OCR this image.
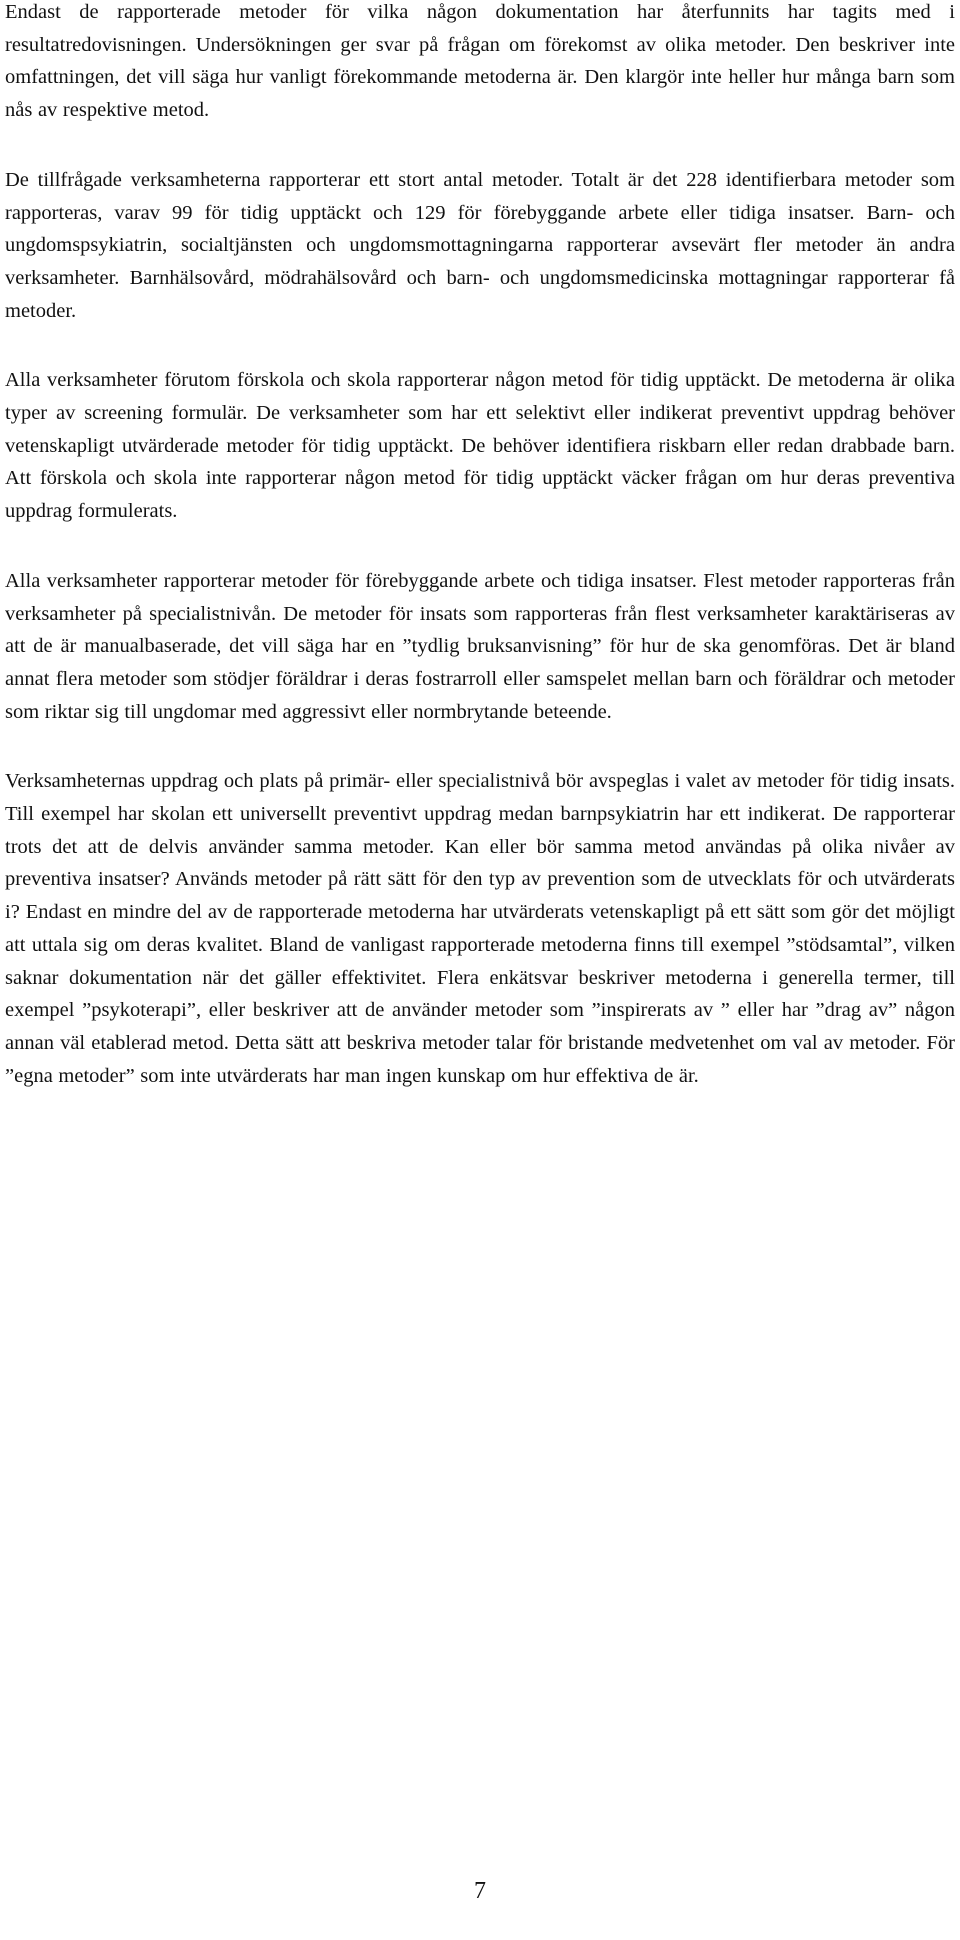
Endast de rapporterade metoder för vilka någon dokumentation har återfunnits har tagits med i resultatredovisningen. Undersökningen ger svar på frågan om förekomst av olika metoder. Den beskriver inte omfattningen, det vill säga hur vanligt förekommande metoderna är. Den klargör inte heller hur många barn som nås av respektive metod.

De tillfrågade verksamheterna rapporterar ett stort antal metoder. Totalt är det 228 identifierbara metoder som rapporteras, varav 99 för tidig upptäckt och 129 för förebyggande arbete eller tidiga insatser. Barn- och ungdomspsykiatrin, socialtjänsten och ungdomsmottagningarna rapporterar avsevärt fler metoder än andra verksamheter. Barnhälsovård, mödrahälsovård och barn- och ungdomsmedicinska mottagningar rapporterar få metoder.

Alla verksamheter förutom förskola och skola rapporterar någon metod för tidig upptäckt. De metoderna är olika typer av screening formulär. De verksamheter som har ett selektivt eller indikerat preventivt uppdrag behöver vetenskapligt utvärderade metoder för tidig upptäckt. De behöver identifiera riskbarn eller redan drabbade barn. Att förskola och skola inte rapporterar någon metod för tidig upptäckt väcker frågan om hur deras preventiva uppdrag formulerats.

Alla verksamheter rapporterar metoder för förebyggande arbete och tidiga insatser. Flest metoder rapporteras från verksamheter på specialistnivån. De metoder för insats som rapporteras från flest verksamheter karaktäriseras av att de är manualbaserade, det vill säga har en ”tydlig bruksanvisning” för hur de ska genomföras. Det är bland annat flera metoder som stödjer föräldrar i deras fostrarroll eller samspelet mellan barn och föräldrar och metoder som riktar sig till ungdomar med aggressivt eller normbrytande beteende.

Verksamheternas uppdrag och plats på primär- eller specialistnivå bör avspeglas i valet av metoder för tidig insats. Till exempel har skolan ett universellt preventivt uppdrag medan barnpsykiatrin har ett indikerat. De rapporterar trots det att de delvis använder samma metoder. Kan eller bör samma metod användas på olika nivåer av preventiva insatser? Används metoder på rätt sätt för den typ av prevention som de utvecklats för och utvärderats i? Endast en mindre del av de rapporterade metoderna har utvärderats vetenskapligt på ett sätt som gör det möjligt att uttala sig om deras kvalitet. Bland de vanligast rapporterade metoderna finns till exempel ”stödsamtal”, vilken saknar dokumentation när det gäller effektivitet. Flera enkätsvar beskriver metoderna i generella termer, till exempel ”psykoterapi”, eller beskriver att de använder metoder som ”inspirerats av ” eller har ”drag av” någon annan väl etablerad metod. Detta sätt att beskriva metoder talar för bristande medvetenhet om val av metoder. För ”egna metoder” som inte utvärderats har man ingen kunskap om hur effektiva de är.

7
